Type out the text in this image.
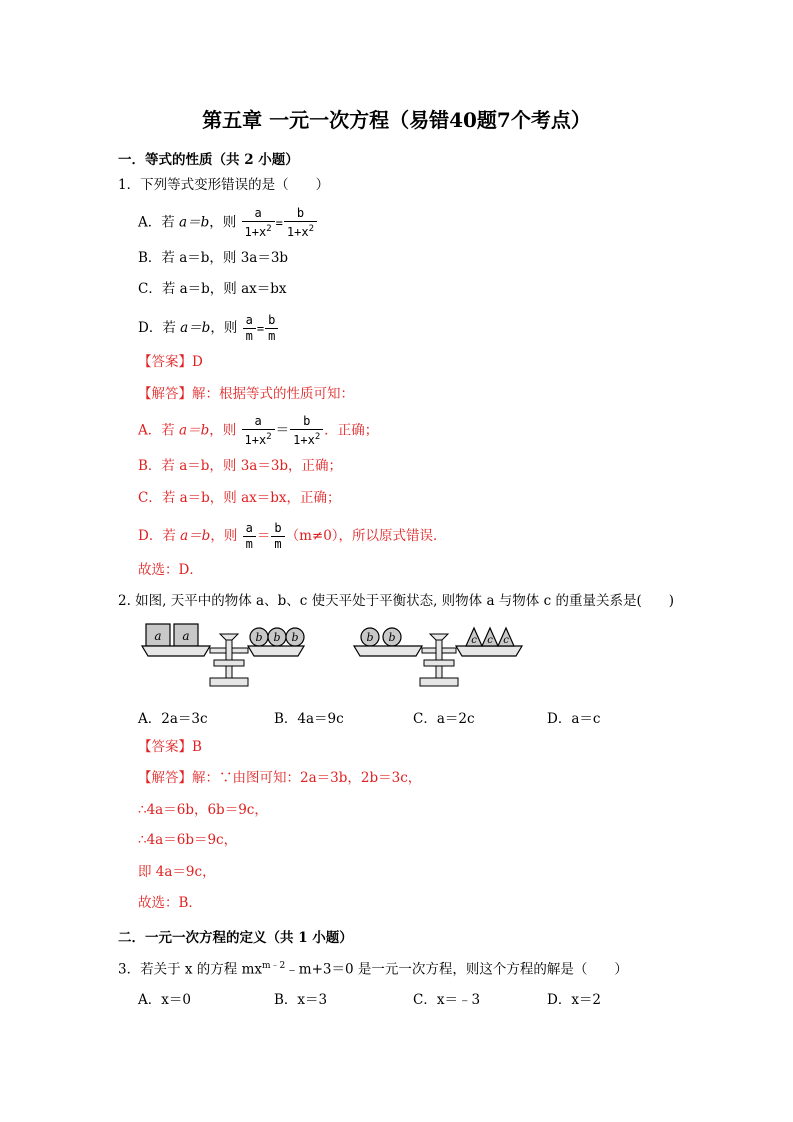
第五章 一元一次方程（易错40题7个考点）
一．等式的性质（共 2 小题）
1．下列等式变形错误的是（　　）
A．若 a＝b，则 $\frac{a}{1+x^2} = \frac{b}{1+x^2}$
B．若 a＝b，则 3a＝3b
C．若 a＝b，则 ax＝bx
D．若 a＝b，则 $\frac{a}{m} = \frac{b}{m}$
【答案】D
【解答】解：根据等式的性质可知：
A．若 a＝b，则 $\frac{a}{1+x^2} = \frac{b}{1+x^2}$ ．正确；
B．若 a＝b，则 3a＝3b，正确；
C．若 a＝b，则 ax＝bx，正确；
D．若 a＝b，则 $\frac{a}{m} = \frac{b}{m} (m\ne 0)$，所以原式错误．
故选：D．
2. 如图, 天平中的物体 a、b、c 使天平处于平衡状态, 则物体 a 与物体 c 的重量关系是(　　)
a a	b b b	b b	c c c
A．2a＝3c	B．4a＝9c	C．a＝2c	D．a＝c
【答案】B
【解答】解：∵由图可知：2a＝3b，2b＝3c，
∴4a＝6b，6b＝9c，
∴4a＝6b＝9c，
即 4a＝9c，
故选：B．
二．一元一次方程的定义（共 1 小题）
3．若关于 x 的方程 $mx^{m﹣2}﹣m+3=0$ 是一元一次方程，则这个方程的解是（　　）
A．x＝0	B．x＝3	C．x＝﹣3	D．x＝2
